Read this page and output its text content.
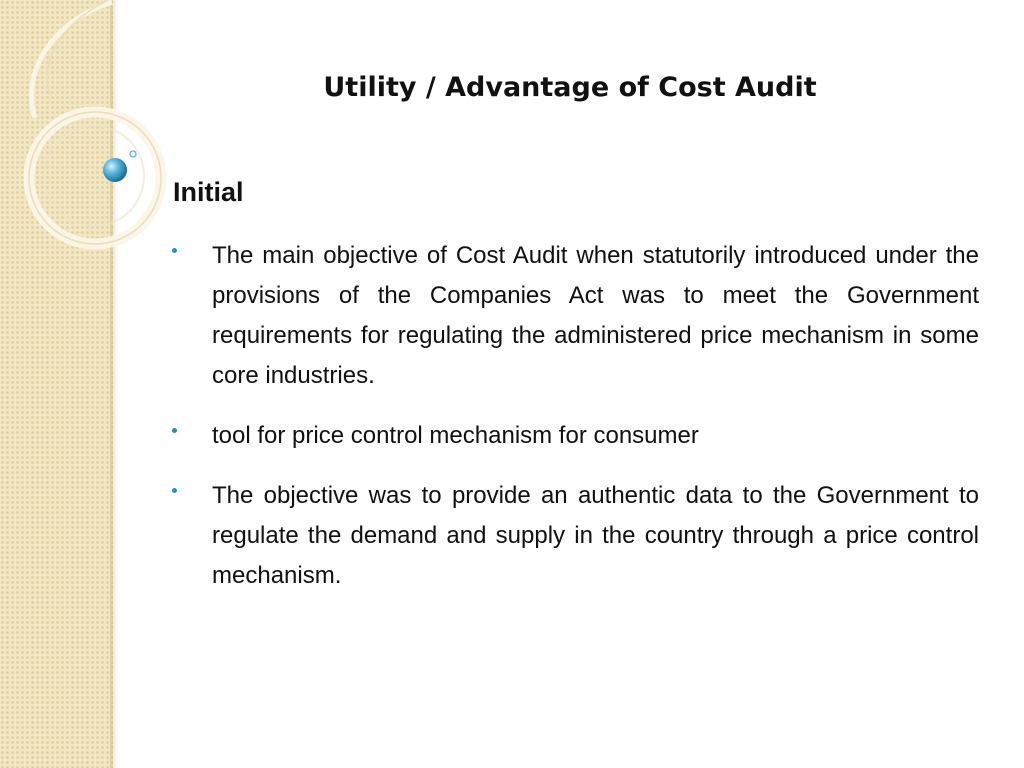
Utility / Advantage of Cost Audit
Initial
The main objective of Cost Audit when statutorily introduced under the provisions of the Companies Act was to meet the Government requirements for regulating the administered price mechanism in some core industries.
tool for price control mechanism for consumer
The objective was to provide an authentic data to the Government to regulate the demand and supply in the country through a price control mechanism.
